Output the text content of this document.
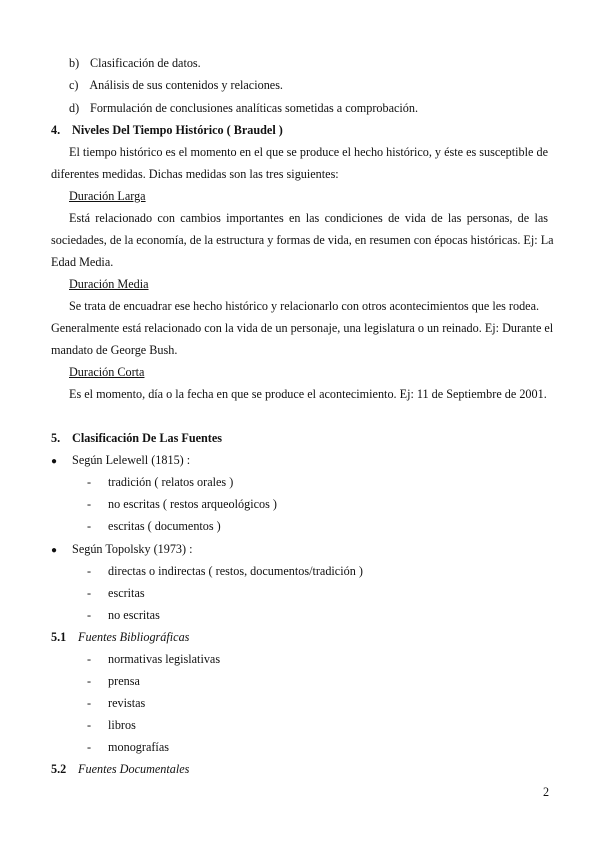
b) Clasificación de datos.
c) Análisis de sus contenidos y relaciones.
d) Formulación de conclusiones analíticas sometidas a comprobación.
4. Niveles Del Tiempo Histórico ( Braudel )
El tiempo histórico es el momento en el que se produce el hecho histórico, y éste es susceptible de
diferentes medidas. Dichas medidas son las tres siguientes:
Duración Larga
Está relacionado con cambios importantes en las condiciones de vida de las personas, de las
sociedades, de la economía, de la estructura y formas de vida, en resumen con épocas históricas. Ej: La
Edad Media.
Duración Media
Se trata de encuadrar ese hecho histórico y relacionarlo con otros acontecimientos que les rodea.
Generalmente está relacionado con la vida de un personaje, una legislatura o un reinado. Ej: Durante el
mandato de George Bush.
Duración Corta
Es el momento, día o la fecha en que se produce el acontecimiento. Ej: 11 de Septiembre de 2001.
5. Clasificación De Las Fuentes
● Según Lelewell (1815) :
- tradición ( relatos orales )
- no escritas ( restos arqueológicos )
- escritas ( documentos )
● Según Topolsky (1973) :
- directas o indirectas ( restos, documentos/tradición )
- escritas
- no escritas
5.1 Fuentes Bibliográficas
- normativas legislativas
- prensa
- revistas
- libros
- monografías
5.2 Fuentes Documentales
2
